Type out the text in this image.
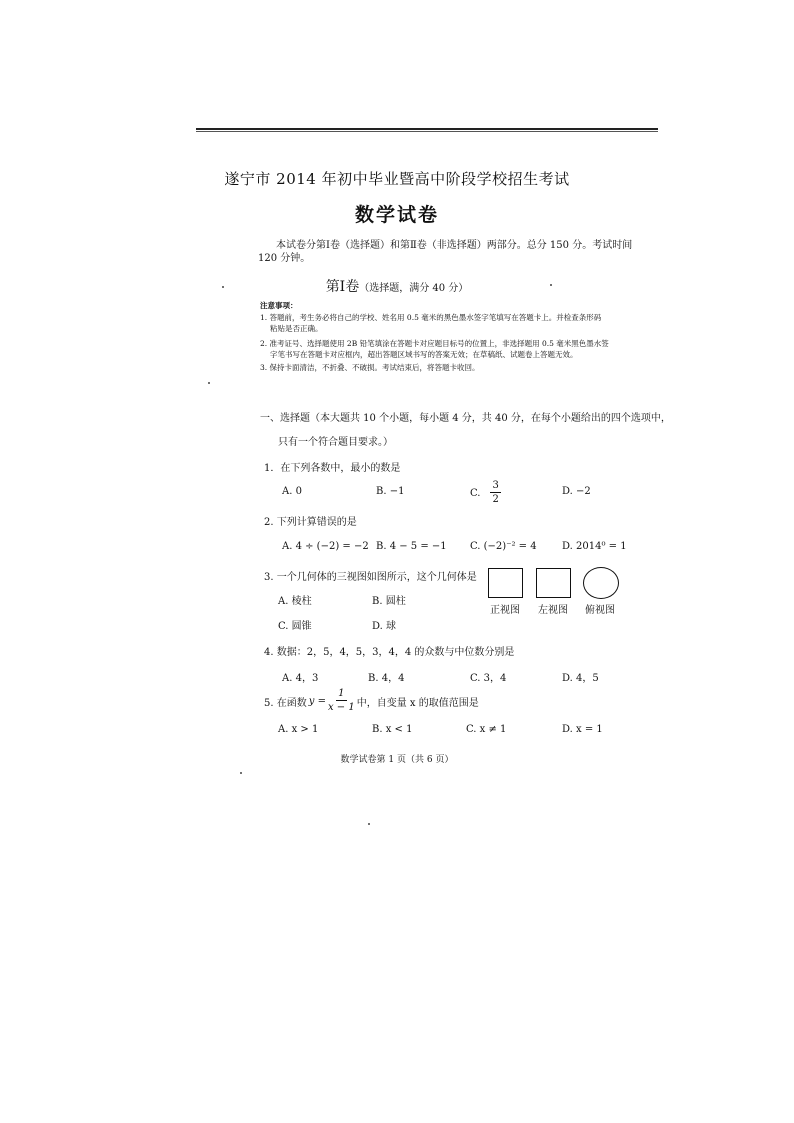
遂宁市 2014 年初中毕业暨高中阶段学校招生考试
数学试卷
本试卷分第Ⅰ卷（选择题）和第Ⅱ卷（非选择题）两部分。总分 150 分。考试时间
120 分钟。
第Ⅰ卷（选择题，满分 40 分）
注意事项：
1. 答题前，考生务必将自己的学校、姓名用 0.5 毫米的黑色墨水签字笔填写在答题卡上。并检查条形码
粘贴是否正确。
2. 准考证号、选择题使用 2B 铅笔填涂在答题卡对应题目标号的位置上，非选择题用 0.5 毫米黑色墨水签
字笔书写在答题卡对应框内，超出答题区域书写的答案无效；在草稿纸、试题卷上答题无效。
3. 保持卡面清洁，不折叠、不破损。考试结束后，将答题卡收回。
一、选择题（本大题共 10 个小题，每小题 4 分，共 40 分，在每个小题给出的四个选项中，
只有一个符合题目要求。）
1．在下列各数中，最小的数是
A. 0	B. −1	C. $\frac{3}{2}$	D. −2
2. 下列计算错误的是
A. 4 ÷ (−2) = −2 B. 4 − 5 = −1 C. (−2)⁻² = 4	D. 2014⁰ = 1
3. 一个几何体的三视图如图所示，这个几何体是
A. 棱柱	B. 圆柱
C. 圆锥	D. 球
正视图	左视图	俯视图
4. 数据：2，5，4，5，3，4，4 的众数与中位数分别是
A. 4，3	B. 4，4	C. 3，4	D. 4，5
5. 在函数 $y = \frac{1}{x - 1}$ 中，自变量 x 的取值范围是
A. x > 1	B. x < 1	C. x ≠ 1	D. x = 1
数学试卷第 1 页（共 6 页）
